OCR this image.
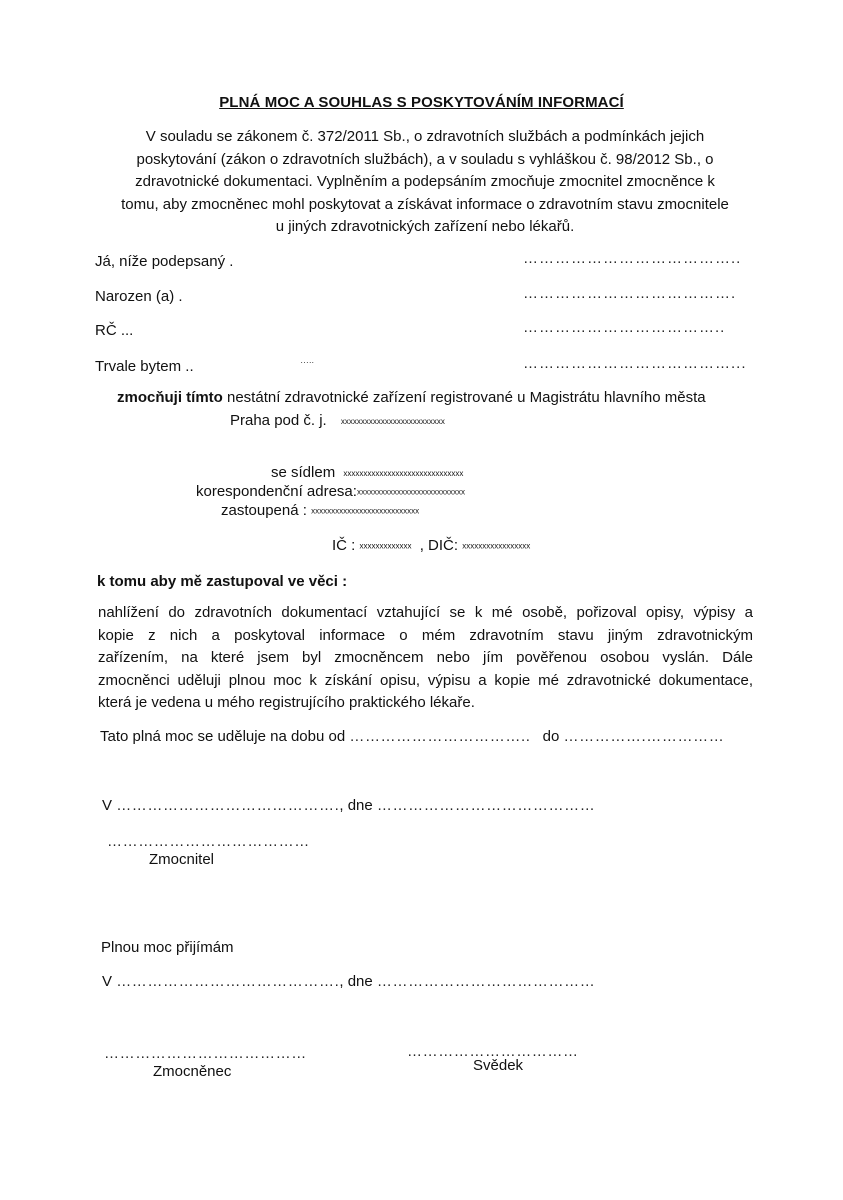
PLNÁ MOC A SOUHLAS S POSKYTOVÁNÍM INFORMACÍ
V souladu se zákonem č. 372/2011 Sb., o zdravotních službách a podmínkách jejich
poskytování (zákon o zdravotních službách), a v souladu s vyhláškou č. 98/2012 Sb., o
zdravotnické dokumentaci. Vyplněním a podepsáním zmocňuje zmocnitel zmocněnce k
tomu, aby zmocněnec mohl poskytovat a získávat informace o zdravotním stavu zmocnitele
u jiných zdravotnických zařízení nebo lékařů.
Já, níže podepsaný .	…………………………………..
Narozen (a) .	………………………………….
RČ ...	………………………………..
Trvale bytem ..	…..	…………………………………...
zmocňuji tímto nestátní zdravotnické zařízení registrované u Magistrátu hlavního města
Praha pod č. j. xxxxxxxxxxxxxxxxxxxxxxxxxx
se sídlem xxxxxxxxxxxxxxxxxxxxxxxxxxxxxx
korespondenční adresa:xxxxxxxxxxxxxxxxxxxxxxxxxxx
zastoupená : xxxxxxxxxxxxxxxxxxxxxxxxxxx
IČ : xxxxxxxxxxxxx , DIČ: xxxxxxxxxxxxxxxxx
k tomu aby mě zastupoval ve věci :
nahlížení do zdravotních dokumentací vztahující se k mé osobě, pořizoval opisy, výpisy a
kopie z nich a poskytoval informace o mém zdravotním stavu jiným zdravotnickým
zařízením, na které jsem byl zmocněncem nebo jím pověřenou osobou vyslán. Dále
zmocněnci uděluji plnou moc k získání opisu, výpisu a kopie mé zdravotnické dokumentace,
která je vedena u mého registrujícího praktického lékaře.
Tato plná moc se uděluje na dobu od …………………………….. do …………….……………
V ……………………………………., dne ……………………………………
…………………………………
Zmocnitel
Plnou moc přijímám
V ……………………………………., dne ……………………………………
…………………………………
Zmocněnec
……………………………
Svědek
